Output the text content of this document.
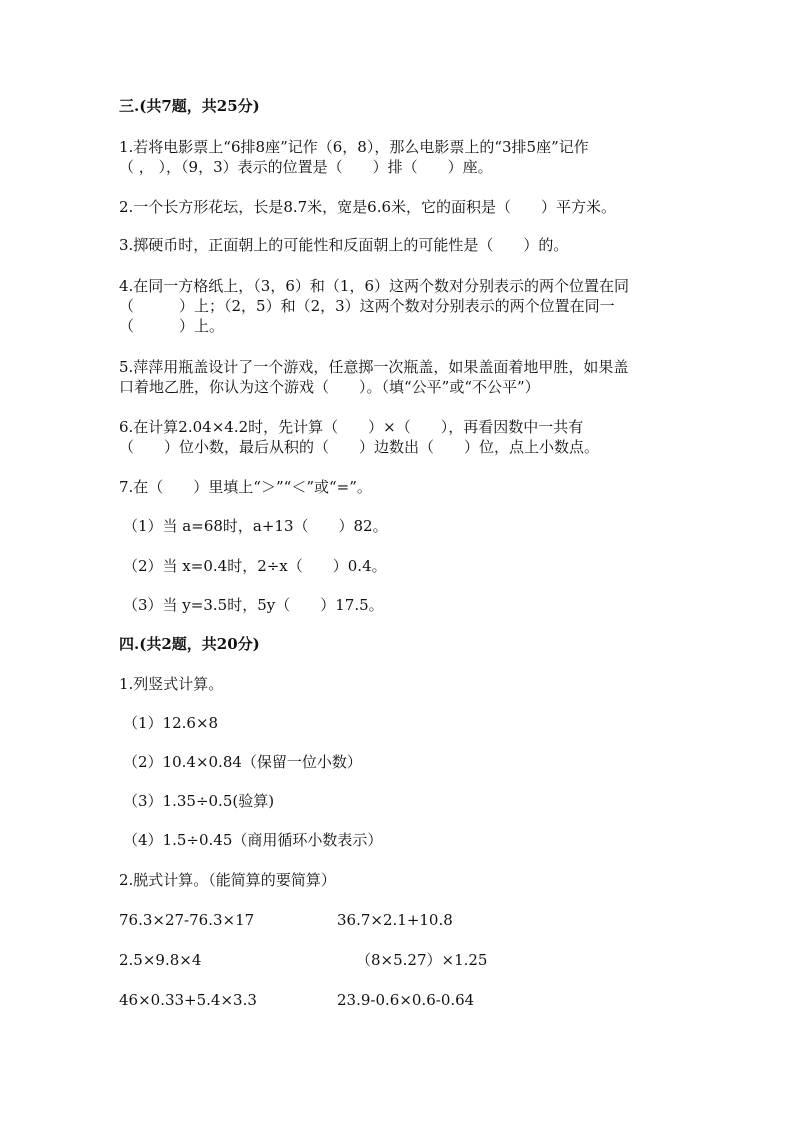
三.(共7题，共25分)
1.若将电影票上“6排8座”记作（6，8），那么电影票上的“3排5座”记作
（ ， ），（9，3）表示的位置是（　　）排（　　）座。
2.一个长方形花坛，长是8.7米，宽是6.6米，它的面积是（　　）平方米。
3.掷硬币时，正面朝上的可能性和反面朝上的可能性是（　　）的。
4.在同一方格纸上，（3，6）和（1，6）这两个数对分别表示的两个位置在同
（　　　）上；（2，5）和（2，3）这两个数对分别表示的两个位置在同一
（　　　）上。
5.萍萍用瓶盖设计了一个游戏，任意掷一次瓶盖，如果盖面着地甲胜，如果盖
口着地乙胜，你认为这个游戏（　　）。（填“公平”或“不公平”）
6.在计算2.04×4.2时，先计算（　　）×（　　），再看因数中一共有
（　　）位小数，最后从积的（　　）边数出（　　）位，点上小数点。
7.在（　　）里填上“＞”“＜”或“=”。
（1）当 a=68时，a+13（　　）82。
（2）当 x=0.4时，2÷x（　　）0.4。
（3）当 y=3.5时，5y（　　）17.5。
四.(共2题，共20分)
1.列竖式计算。
（1）12.6×8
（2）10.4×0.84（保留一位小数）
（3）1.35÷0.5(验算)
（4）1.5÷0.45（商用循环小数表示）
2.脱式计算。（能简算的要简算）
76.3×27-76.3×17	36.7×2.1+10.8
2.5×9.8×4	（8×5.27）×1.25
46×0.33+5.4×3.3	23.9-0.6×0.6-0.64
